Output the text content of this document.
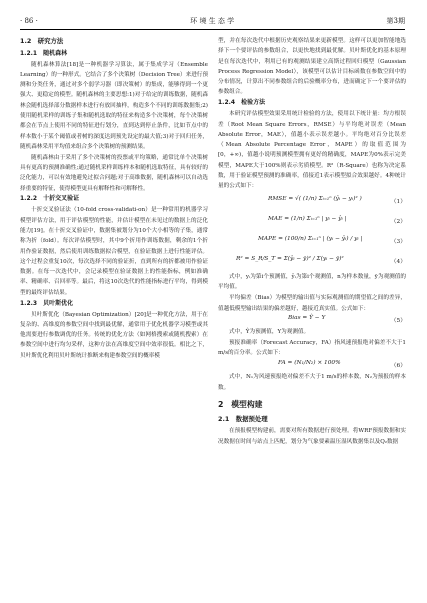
· 86 ·	环 境 生 态 学	第3期
1.2　研究方法
1.2.1　随机森林

随机森林算法[18]是一种机器学习算法，属于集成学习（Ensemble Learning）的一种形式。它结合了多个决策树（Decision Tree）来进行预测和分类任务，通过对多个弱学习器（即决策树）的集成，能够得到一个更强大、更稳定的模型。随机森林的主要思想:1)对于给定的训练数据，随机森林会随机选择部分数据样本进行有放回抽样，构造多个不同的训练数据集;2)使用随机采样的训练子集和随机选取的特征来构造多个决策树，每个决策树都会在节点上使用不同的特征进行划分，直到达到停止条件，比如节点中的样本数小于某个阈值或者树的深度达到预先设定的最大值;3)对于回归任务，随机森林采用平均值来组合多个决策树的预测结果。

随机森林由于采用了多个决策树的投票或平均策略，通常比单个决策树具有更高的预测准确性;通过随机采样训练样本和随机选取特征，具有较好的泛化能力，可以有效地避免过拟合问题;对于高维数据，随机森林可以自动选择重要的特征，使得模型更具有解释性和可解释性。

1.2.2　十折交叉验证

十折交叉验证法（10-fold cross-validati-on）是一种常用的机器学习模型评估方法，用于评估模型的性能，并估计模型在未见过的数据上的泛化能力[19]。在十折交叉验证中，数据集被划分为10个大小相等的子集，通常称为折（fold）。每次评估模型时，其中9个折用作训练数据，剩余的1个折用作验证数据，然后使用训练数据拟合模型，在验证数据上进行性能评估。这个过程会重复10次，每次选择不同的验证折，直到所有的折都被用作验证数据。在每一次迭代中，会记录模型在验证数据上的性能指标，例如准确率、精确率、召回率等。最后，将这10次迭代的性能指标进行平均，得到模型的最终评估结果。

1.2.3　贝叶斯优化

贝叶斯优化（Bayesian Optimization）[20]是一种优化方法，用于在复杂的、高维度的参数空间中找到最优解，通常用于优化机器学习模型或其他需要进行参数调优的任务。传统的优化方法（如网格搜索或随机搜索）在参数空间中进行均匀采样，这种方法在高维度空间中效率很低。相比之下，贝叶斯优化利用贝叶斯统计推断来构建参数空间的概率模

型，并在每次迭代中根据历史观察结果来更新模型。这样可以更加智能地选择下一个要评估的参数组合，以更快地找到最优解。贝叶斯优化的基本原理是在每次迭代中，利用已有的观测结果建立高斯过程回归模型（Gaussian Process Regression Model），该模型可以估计目标函数在参数空间中的分布情况，计算出不同参数组合的后验概率分布，进而确定下一个要评估的参数组合。

1.2.4　检验方法

本研究评估模型效果采用统计检验的方法，使用以下统计量：均方根误差（Root Mean Square Errors，RMSE）与平均绝对误差（Mean Absolute Error，MAE），值越小表示误差越小。平均绝对百分比误差（Mean Absolute Percentage Error，MAPE）的取值范围为[0，+∞)，值越小说明预测模型拥有更好的精确度，MAPE为0%表示完美模型，MAPE大于100%则表示劣质模型。R²（R-Square）也称为决定系数，用于验证模型预测的准确率，值接近1表示模型拟合效果越好。4种统计量的公式如下：

RMSE = √( (1/n) Σᵢ₌₁ⁿ (ŷᵢ − yᵢ)² )	（1）
MAE = (1/n) Σᵢ₌₁ⁿ | yᵢ − ŷᵢ |	（2）
MAPE = (100/n) Σᵢ₌₁ⁿ | (yᵢ − ŷᵢ) / yᵢ |	（3）
R² = S_R/S_T = Σ(ŷᵢ − ȳ)² / Σ(yᵢ − ȳ)²	（4）

式中，yᵢ为第i个预测值，ŷᵢ为第i个观测值，n为样本数量，ȳ为观测值的平均值。

平均偏差（Bias）为模型的输出值与实际观测值的期望值之间的差异，值越低模型输出结果的偏差越好，越接近真实值。公式如下：

Bias = Ŷ − Y	（5）

式中，Ŷ为预测值，Y为观测值。

预报准确率（Forecast Accuracy，FA）指风速预报绝对偏差不大于1 m/s的百分率。公式如下：

FA = (N₁/N₂) × 100%	（6）

式中，N₁为风速预报绝对偏差不大于1 m/s的样本数，N₂为预报的样本数。

2　模型构建
2.1　数据预处理

在预报模型构建前，需要对所有数据进行预处理。将WRF预报数据和实况数据在时间与站点上匹配，划分为气象要素温压湿风数据集以及Q₂数据
